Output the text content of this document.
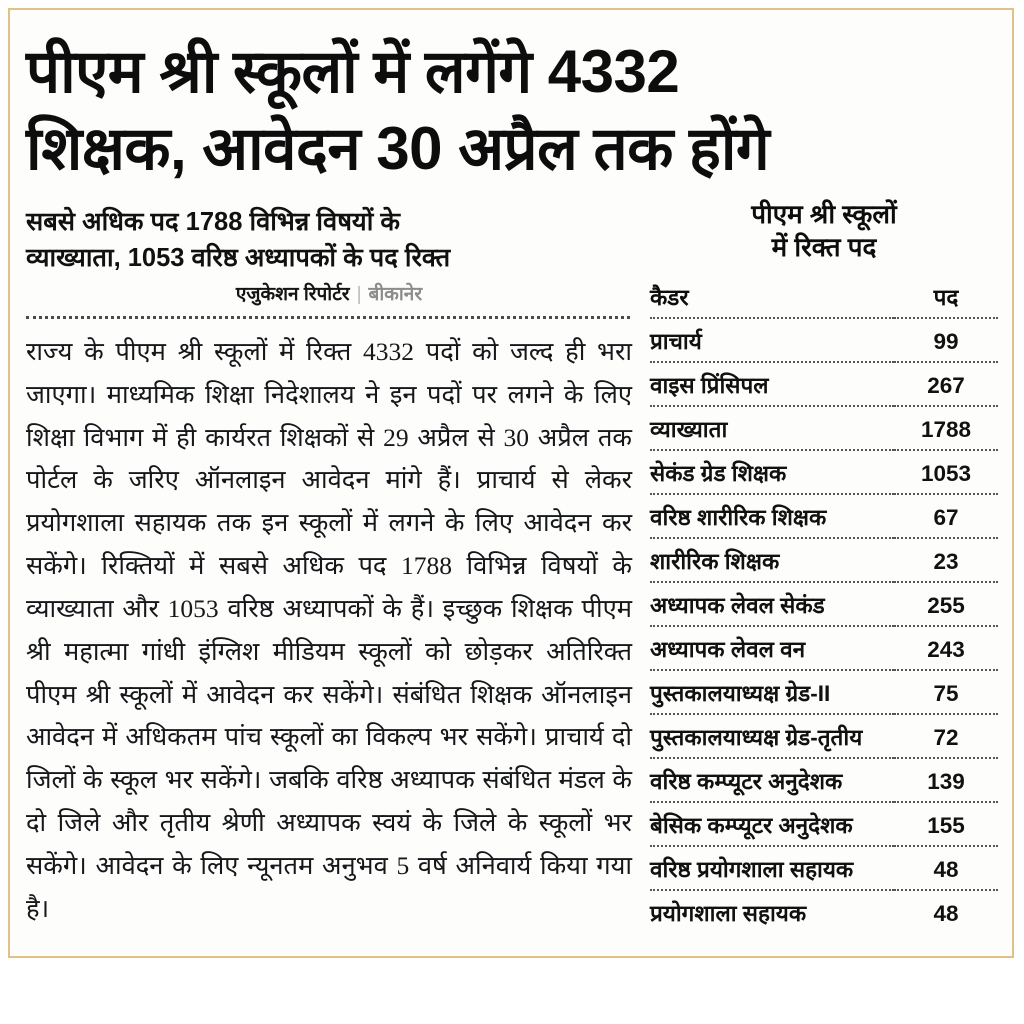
पीएम श्री स्कूलों में लगेंगे 4332
शिक्षक, आवेदन 30 अप्रैल तक होंगे
सबसे अधिक पद 1788 विभिन्न विषयों के
व्याख्याता, 1053 वरिष्ठ अध्यापकों के पद रिक्त
एजुकेशन रिपोर्टर | बीकानेर

राज्य के पीएम श्री स्कूलों में रिक्त 4332 पदों को जल्द ही भरा जाएगा। माध्यमिक शिक्षा निदेशालय ने इन पदों पर लगने के लिए शिक्षा विभाग में ही कार्यरत शिक्षकों से 29 अप्रैल से 30 अप्रैल तक पोर्टल के जरिए ऑनलाइन आवेदन मांगे हैं। प्राचार्य से लेकर प्रयोगशाला सहायक तक इन स्कूलों में लगने के लिए आवेदन कर सकेंगे। रिक्तियों में सबसे अधिक पद 1788 विभिन्न विषयों के व्याख्याता और 1053 वरिष्ठ अध्यापकों के हैं। इच्छुक शिक्षक पीएम श्री महात्मा गांधी इंग्लिश मीडियम स्कूलों को छोड़कर अतिरिक्त पीएम श्री स्कूलों में आवेदन कर सकेंगे। संबंधित शिक्षक ऑनलाइन आवेदन में अधिकतम पांच स्कूलों का विकल्प भर सकेंगे। प्राचार्य दो जिलों के स्कूल भर सकेंगे। जबकि वरिष्ठ अध्यापक संबंधित मंडल के दो जिले और तृतीय श्रेणी अध्यापक स्वयं के जिले के स्कूलों भर सकेंगे। आवेदन के लिए न्यूनतम अनुभव 5 वर्ष अनिवार्य किया गया है।

पीएम श्री स्कूलों
में रिक्त पद
कैडर	पद
प्राचार्य	99
वाइस प्रिंसिपल	267
व्याख्याता	1788
सेकंड ग्रेड शिक्षक	1053
वरिष्ठ शारीरिक शिक्षक	67
शारीरिक शिक्षक	23
अध्यापक लेवल सेकंड	255
अध्यापक लेवल वन	243
पुस्तकालयाध्यक्ष ग्रेड-II	75
पुस्तकालयाध्यक्ष ग्रेड-तृतीय	72
वरिष्ठ कम्प्यूटर अनुदेशक	139
बेसिक कम्प्यूटर अनुदेशक	155
वरिष्ठ प्रयोगशाला सहायक	48
प्रयोगशाला सहायक	48
